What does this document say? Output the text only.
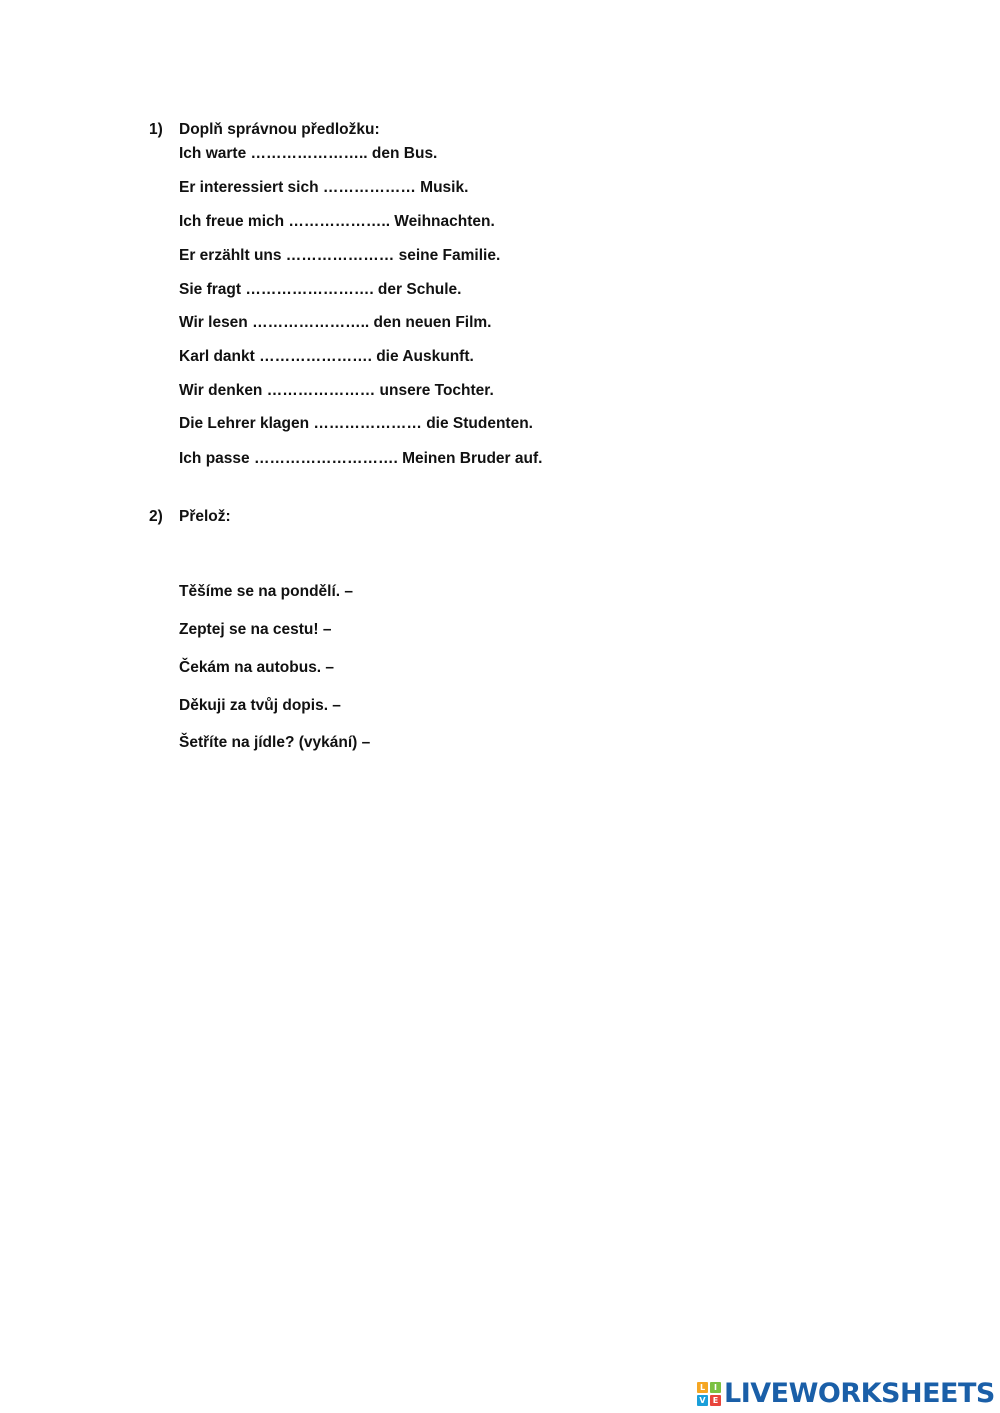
1) Doplň správnou předložku:
Ich warte ………………….. den Bus.
Er interessiert sich ……………… Musik.
Ich freue mich ……………….. Weihnachten.
Er erzählt uns ………………… seine Familie.
Sie fragt ……………………. der Schule.
Wir lesen ………………….. den neuen Film.
Karl dankt …………………. die Auskunft.
Wir denken ………………… unsere Tochter.
Die Lehrer klagen ………………… die Studenten.
Ich passe ………………………. Meinen Bruder auf.
2) Přelož:
Těšíme se na pondělí. –
Zeptej se na cestu! –
Čekám na autobus. –
Děkuji za tvůj dopis. –
Šetříte na jídle? (vykání) –
L	I
V E LIVEWORKSHEETS
